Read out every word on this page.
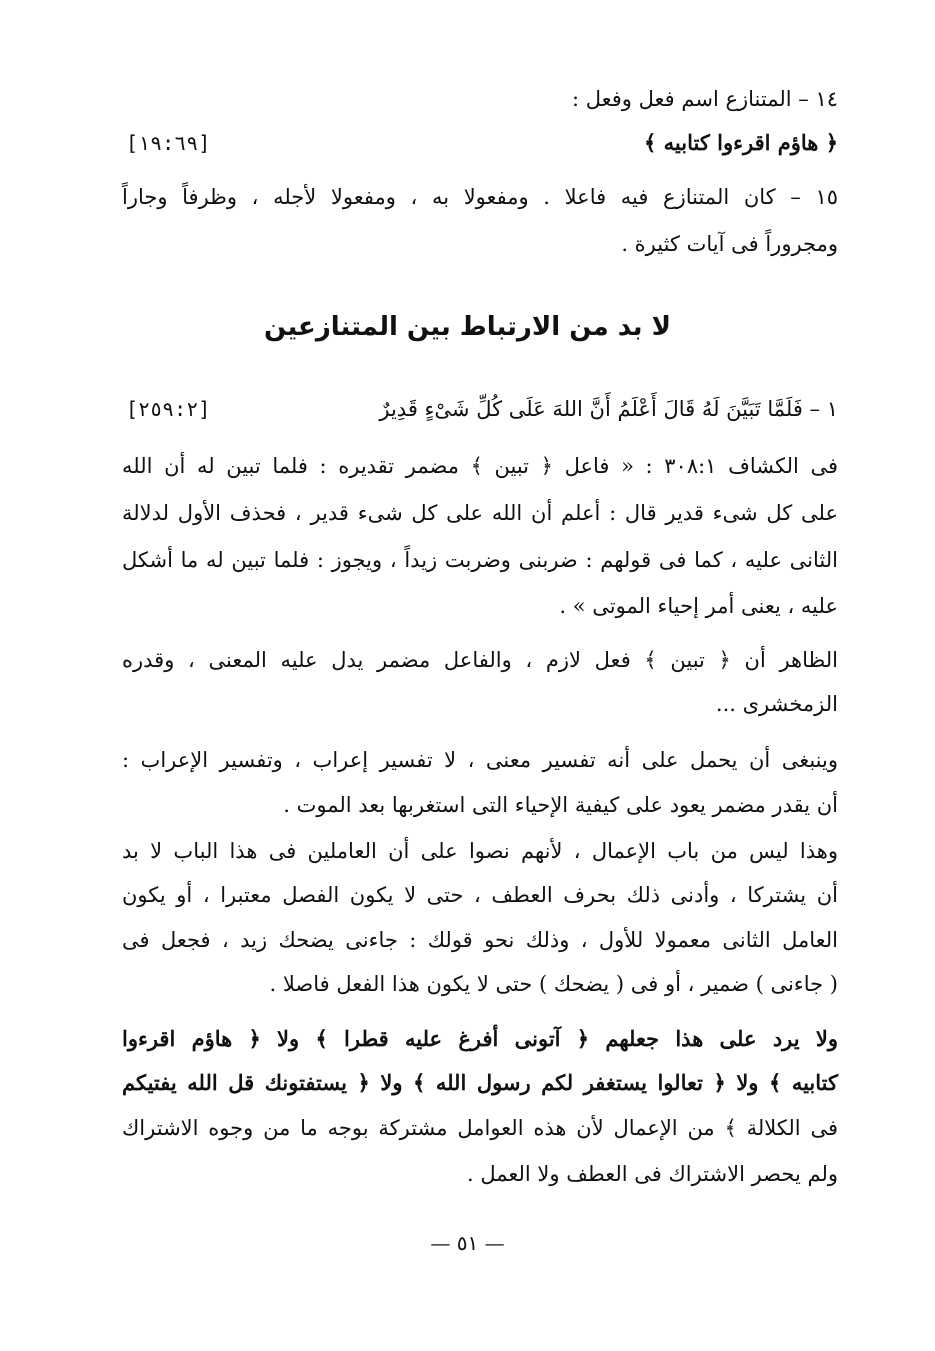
١٤ – المتنازع اسم فعل وفعل :
﴿ هاؤم اقرءوا كتابيه ﴾
[١٩:٦٩]
١٥ – كان المتنازع فيه فاعلا . ومفعولا به ، ومفعولا لأجله ، وظرفاً وجاراً
ومجروراً فى آيات كثيرة .
لا بد من الارتباط بين المتنازعين
١ – فَلَمَّا تَبَيَّنَ لَهُ قَالَ أَعْلَمُ أَنَّ اللهَ عَلَى كُلِّ شَىْءٍ قَدِيرٌ
[٢٥٩:٢]
فى الكشاف ٣٠٨:١ : « فاعل ﴿ تبين ﴾ مضمر تقديره : فلما تبين له أن الله
على كل شىء قدير قال : أعلم أن الله على كل شىء قدير ، فحذف الأول لدلالة
الثانى عليه ، كما فى قولهم : ضربنى وضربت زيداً ، ويجوز : فلما تبين له ما أشكل
عليه ، يعنى أمر إحياء الموتى » .
الظاهر أن ﴿ تبين ﴾ فعل لازم ، والفاعل مضمر يدل عليه المعنى ، وقدره
الزمخشرى ...
وينبغى أن يحمل على أنه تفسير معنى ، لا تفسير إعراب ، وتفسير الإعراب :
أن يقدر مضمر يعود على كيفية الإحياء التى استغربها بعد الموت .
وهذا ليس من باب الإعمال ، لأنهم نصوا على أن العاملين فى هذا الباب لا بد
أن يشتركا ، وأدنى ذلك بحرف العطف ، حتى لا يكون الفصل معتبرا ، أو يكون
العامل الثانى معمولا للأول ، وذلك نحو قولك : جاءنى يضحك زيد ، فجعل فى
( جاءنى ) ضمير ، أو فى ( يضحك ) حتى لا يكون هذا الفعل فاصلا .
ولا يرد على هذا جعلهم ﴿ آتونى أفرغ عليه قطرا ﴾ ولا ﴿ هاؤم اقرءوا
كتابيه ﴾ ولا ﴿ تعالوا يستغفر لكم رسول الله ﴾ ولا ﴿ يستفتونك قل الله يفتيكم
فى الكلالة ﴾ من الإعمال لأن هذه العوامل مشتركة بوجه ما من وجوه الاشتراك
ولم يحصر الاشتراك فى العطف ولا العمل .
— ٥١ —
